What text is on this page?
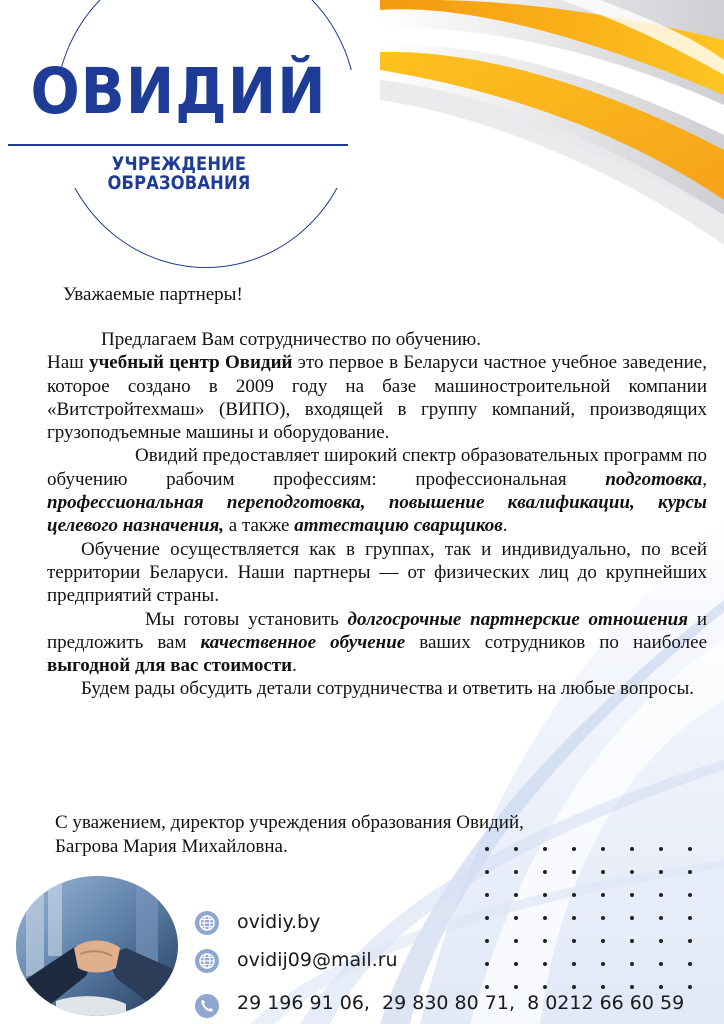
ОВИДИЙ
УЧРЕЖДЕНИЕ ОБРАЗОВАНИЯ
Уважаемые партнеры!

Предлагаем Вам сотрудничество по обучению.

Наш учебный центр Овидий это первое в Беларуси частное учебное заведение, которое создано в 2009 году на базе машиностроительной компании «Витстройтехмаш» (ВИПО), входящей в группу компаний, производящих грузоподъемные машины и оборудование.

Овидий предоставляет широкий спектр образовательных программ по обучению рабочим профессиям: профессиональная подготовка, профессиональная переподготовка, повышение квалификации, курсы целевого назначения, а также аттестацию сварщиков.

Обучение осуществляется как в группах, так и индивидуально, по всей территории Беларуси. Наши партнеры — от физических лиц до крупнейших предприятий страны.

Мы готовы установить долгосрочные партнерские отношения и предложить вам качественное обучение ваших сотрудников по наиболее выгодной для вас стоимости.

Будем рады обсудить детали сотрудничества и ответить на любые вопросы.

С уважением, директор учреждения образования Овидий,
Багрова Мария Михайловна.
ovidiy.by
ovidij09@mail.ru
29 196 91 06,  29 830 80 71,  8 0212 66 60 59
